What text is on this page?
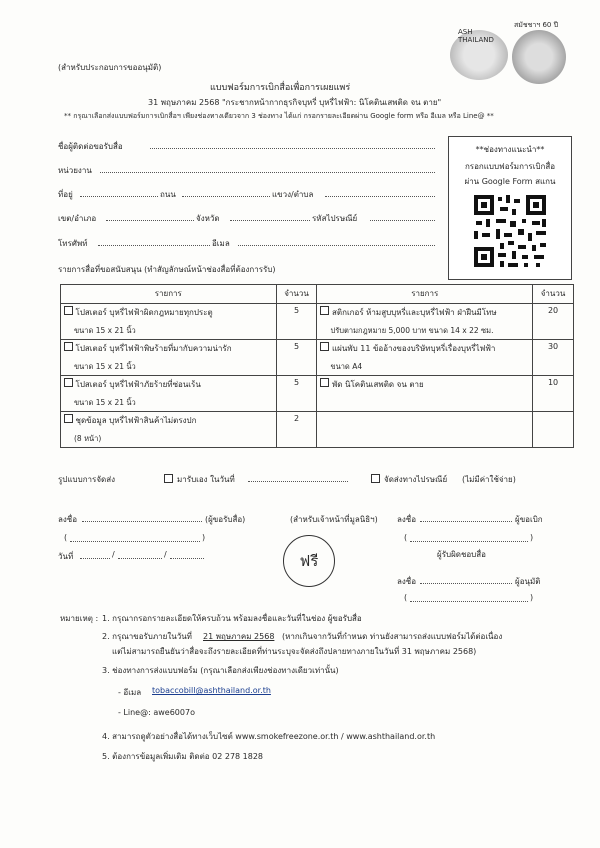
(สำหรับประกอบการขออนุมัติ)
ASH THAILAND
สมัชชาฯ 60 ปี
แบบฟอร์มการเบิกสื่อเพื่อการเผยแพร่
31 พฤษภาคม 2568 "กระชากหน้ากากธุรกิจบุหรี่ บุหรี่ไฟฟ้า: นิโคตินเสพติด จน ตาย"
** กรุณาเลือกส่งแบบฟอร์มการเบิกสื่อฯ เพียงช่องทางเดียวจาก 3 ช่องทาง ได้แก่ กรอกรายละเอียดผ่าน Google form หรือ อีเมล หรือ Line@ **
ชื่อผู้ติดต่อขอรับสื่อ
หน่วยงาน
ที่อยู่	ถนน	แขวง/ตำบล
เขต/อำเภอ	จังหวัด	รหัสไปรษณีย์
โทรศัพท์	อีเมล
**ช่องทางแนะนำ**
กรอกแบบฟอร์มการเบิกสื่อ
ผ่าน Google Form สแกน
รายการสื่อที่ขอสนับสนุน (ทำสัญลักษณ์หน้าช่องสื่อที่ต้องการรับ)
รายการ	จำนวน	รายการ	จำนวน
โปสเตอร์ บุหรี่ไฟฟ้าผิดกฎหมายทุกประตู
ขนาด 15 x 21 นิ้ว	5	สติกเกอร์ ห้ามสูบบุหรี่และบุหรี่ไฟฟ้า ฝ่าฝืนมีโทษ
ปรับตามกฎหมาย 5,000 บาท ขนาด 14 x 22 ซม.	20
โปสเตอร์ บุหรี่ไฟฟ้าพิษร้ายที่มากับความน่ารัก
ขนาด 15 x 21 นิ้ว	5	แผ่นพับ 11 ข้ออ้างของบริษัทบุหรี่เรื่องบุหรี่ไฟฟ้า
ขนาด A4	30
โปสเตอร์ บุหรี่ไฟฟ้าภัยร้ายที่ซ่อนเร้น
ขนาด 15 x 21 นิ้ว	5	พัด นิโคตินเสพติด จน ตาย	10
ชุดข้อมูล บุหรี่ไฟฟ้าสินค้าไม่ตรงปก
(8 หน้า)	2		
รูปแบบการจัดส่ง	มารับเอง ในวันที่	จัดส่งทางไปรษณีย์ (ไม่มีค่าใช้จ่าย)
ลงชื่อ	(ผู้ขอรับสื่อ)
(	)
วันที่	/	/	ฟรี
(สำหรับเจ้าหน้าที่มูลนิธิฯ) ลงชื่อ	ผู้ขอเบิก
(	)
ผู้รับผิดชอบสื่อ
ลงชื่อ	ผู้อนุมัติ
(	)
หมายเหตุ : 1. กรุณากรอกรายละเอียดให้ครบถ้วน พร้อมลงชื่อและวันที่ในช่อง ผู้ขอรับสื่อ
2. กรุณาขอรับภายในวันที่ 21 พฤษภาคม 2568 (หากเกินจากวันที่กำหนด ท่านยังสามารถส่งแบบฟอร์มได้ต่อเนื่อง
แต่ไม่สามารถยืนยันว่าสื่อจะถึงรายละเอียดที่ท่านระบุจะจัดส่งถึงปลายทางภายในวันที่ 31 พฤษภาคม 2568)
3. ช่องทางการส่งแบบฟอร์ม (กรุณาเลือกส่งเพียงช่องทางเดียวเท่านั้น)
- อีเมล tobaccobill@ashthailand.or.th
- Line@: awe6007o
4. สามารถดูตัวอย่างสื่อได้ทางเว็บไซต์ www.smokefreezone.or.th / www.ashthailand.or.th
5. ต้องการข้อมูลเพิ่มเติม ติดต่อ 02 278 1828
